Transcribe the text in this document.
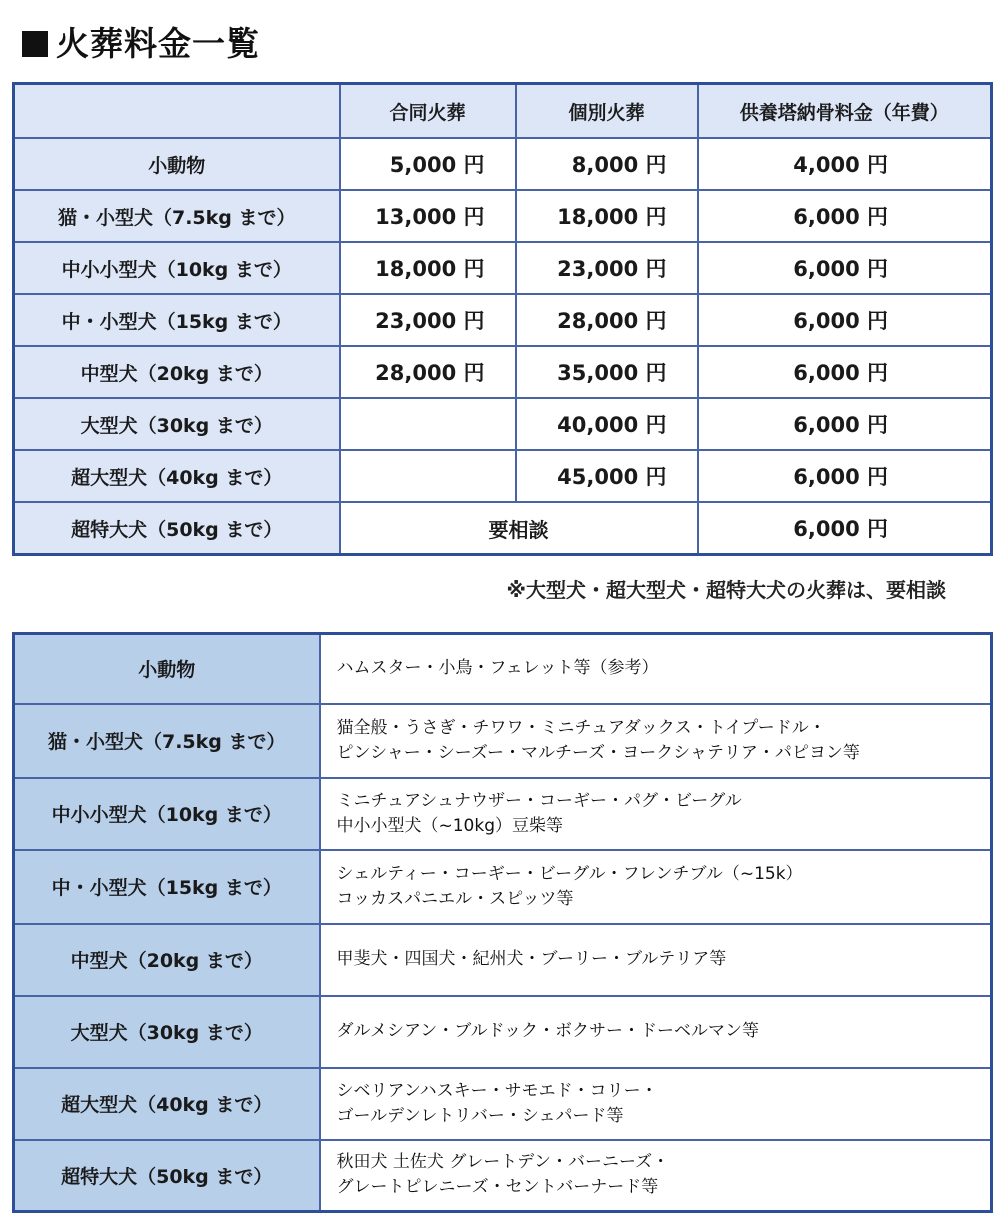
火葬料金一覧
	合同火葬	個別火葬	供養塔納骨料金（年費）
小動物	5,000 円	8,000 円	4,000 円
猫・小型犬（7.5kg まで）	13,000 円	18,000 円	6,000 円
中小小型犬（10kg まで）	18,000 円	23,000 円	6,000 円
中・小型犬（15kg まで）	23,000 円	28,000 円	6,000 円
中型犬（20kg まで）	28,000 円	35,000 円	6,000 円
大型犬（30kg まで）		40,000 円	6,000 円
超大型犬（40kg まで）		45,000 円	6,000 円
超特大犬（50kg まで）	要相談		6,000 円
※大型犬・超大型犬・超特大犬の火葬は、要相談
小動物	ハムスター・小鳥・フェレット等（参考）

猫・小型犬（7.5kg まで）	猫全般・うさぎ・チワワ・ミニチュアダックス・トイプードル・
ピンシャー・シーズー・マルチーズ・ヨークシャテリア・パピヨン等

中小小型犬（10kg まで）	ミニチュアシュナウザー・コーギー・パグ・ビーグル
中小小型犬（~10kg）豆柴等

中・小型犬（15kg まで）	シェルティー・コーギー・ビーグル・フレンチブル（~15k）
コッカスパニエル・スピッツ等

中型犬（20kg まで）	甲斐犬・四国犬・紀州犬・ブーリー・ブルテリア等

大型犬（30kg まで）	ダルメシアン・ブルドック・ボクサー・ドーベルマン等

超大型犬（40kg まで）	シベリアンハスキー・サモエド・コリー・
ゴールデンレトリバー・シェパード等

超特大犬（50kg まで）	秋田犬 土佐犬 グレートデン・バーニーズ・
グレートピレニーズ・セントバーナード等
